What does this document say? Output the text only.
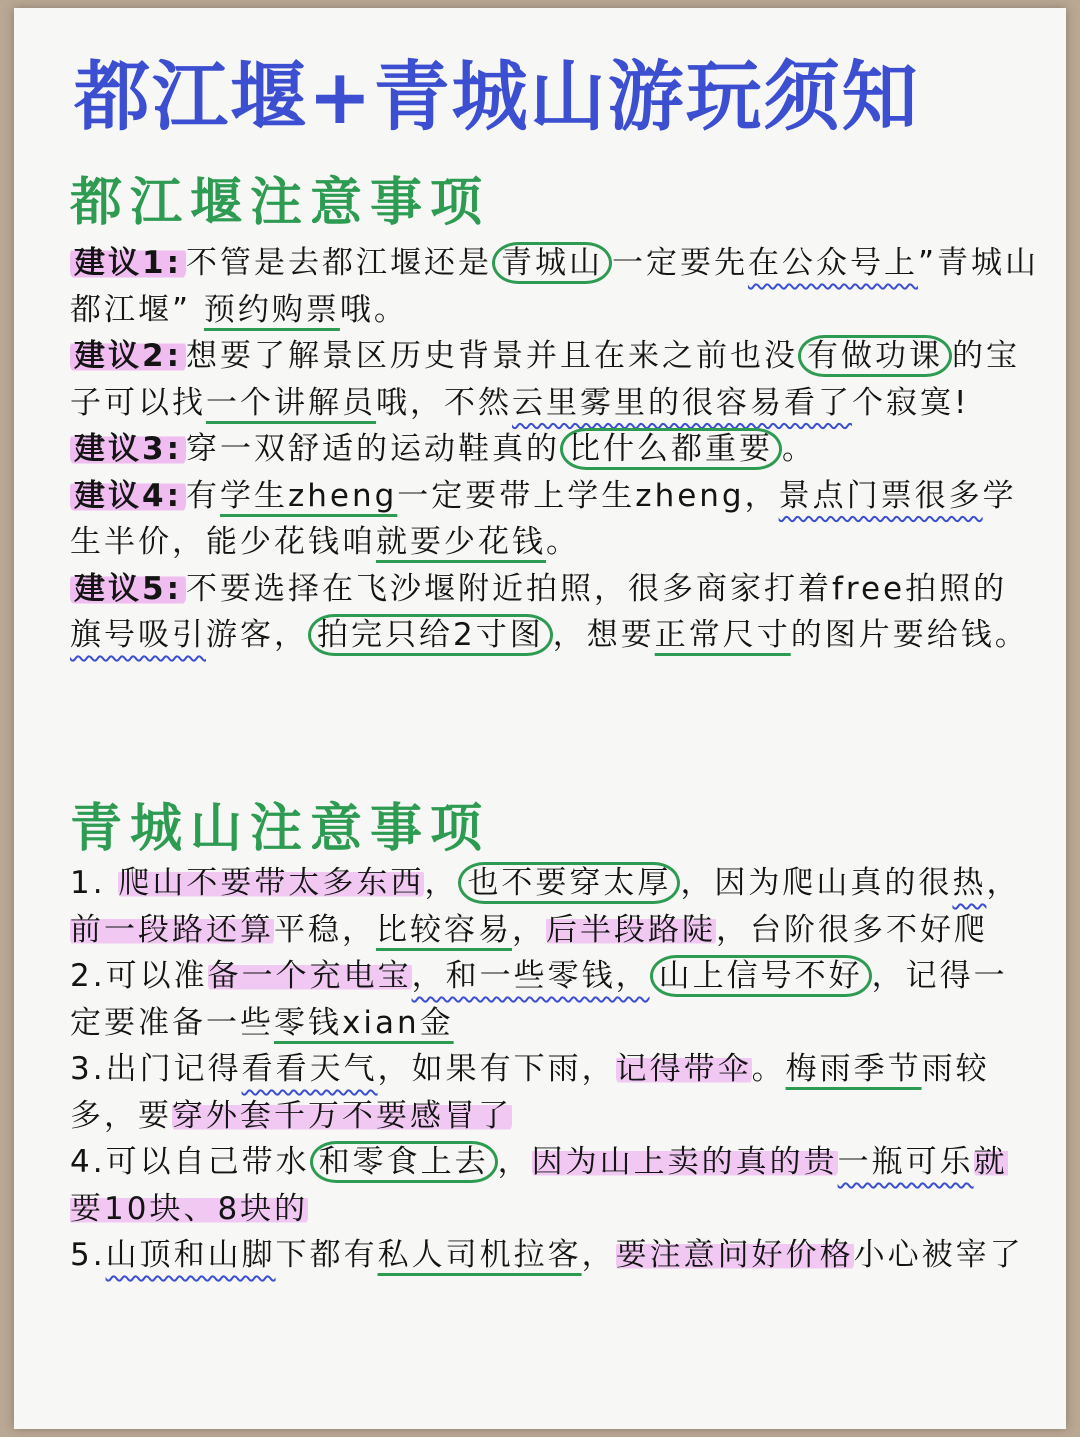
都江堰+青城山游玩须知
都江堰注意事项

建议1: 不管是去都江堰还是 青城山 一定要先在公众号上”青城山都江堰” 预约购票哦。

建议2: 想要了解景区历史背景并且在来之前也没 有做功课 的宝子可以找一个讲解员哦，不然云里雾里的很容易看了个寂寞!

建议3: 穿一双舒适的运动鞋真的 比什么都重要 。

建议4: 有学生zheng一定要带上学生zheng，景点门票很多学生半价，能少花钱咱就要少花钱。

建议5: 不要选择在飞沙堰附近拍照，很多商家打着free拍照的旗号吸引游客， 拍完只给2寸图 ，想要正常尺寸的图片要给钱。

青城山注意事项

1. 爬山不要带太多东西， 也不要穿太厚 ，因为爬山真的很热，前一段路还算平稳，比较容易，后半段路陡，台阶很多不好爬

2.可以准备一个充电宝，和一些零钱， 山上信号不好 ，记得一定要准备一些零钱xian金

3.出门记得看看天气，如果有下雨，记得带伞。梅雨季节雨较多，要穿外套千万不要感冒了

4.可以自己带水 和零食上去 ，因为山上卖的真的贵一瓶可乐就要10块、8块的

5.山顶和山脚下都有私人司机拉客，要注意问好价格小心被宰了
